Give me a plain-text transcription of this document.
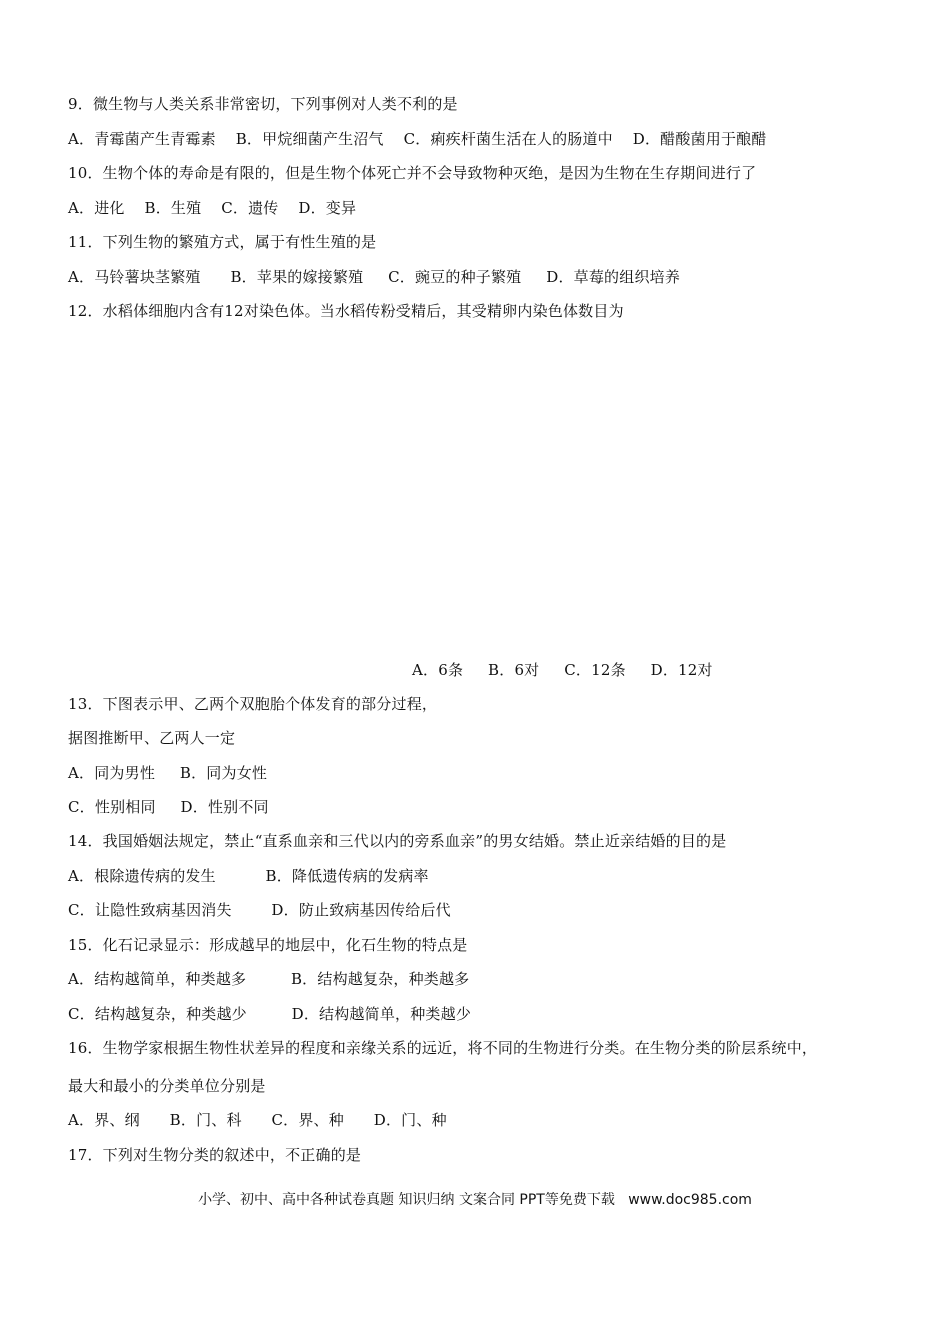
9．微生物与人类关系非常密切，下列事例对人类不利的是
A．青霉菌产生青霉素    B．甲烷细菌产生沼气    C．痢疾杆菌生活在人的肠道中    D．醋酸菌用于酿醋
10．生物个体的寿命是有限的，但是生物个体死亡并不会导致物种灭绝，是因为生物在生存期间进行了
A．进化    B．生殖    C．遗传    D．变异
11．下列生物的繁殖方式，属于有性生殖的是
A．马铃薯块茎繁殖      B．苹果的嫁接繁殖     C．豌豆的种子繁殖     D．草莓的组织培养
12．水稻体细胞内含有12对染色体。当水稻传粉受精后，其受精卵内染色体数目为
A．6条     B．6对     C．12条     D．12对
13．下图表示甲、乙两个双胞胎个体发育的部分过程，
据图推断甲、乙两人一定
A．同为男性     B．同为女性
C．性别相同     D．性别不同
14．我国婚姻法规定，禁止“直系血亲和三代以内的旁系血亲”的男女结婚。禁止近亲结婚的目的是
A．根除遗传病的发生          B．降低遗传病的发病率
C．让隐性致病基因消失        D．防止致病基因传给后代
15．化石记录显示：形成越早的地层中，化石生物的特点是
A．结构越简单，种类越多         B．结构越复杂，种类越多
C．结构越复杂，种类越少         D．结构越简单，种类越少
16．生物学家根据生物性状差异的程度和亲缘关系的远近，将不同的生物进行分类。在生物分类的阶层系统中，
最大和最小的分类单位分别是
A．界、纲      B．门、科      C．界、种      D．门、种
17．下列对生物分类的叙述中，不正确的是
小学、初中、高中各种试卷真题 知识归纳 文案合同 PPT等免费下载   www.doc985.com
